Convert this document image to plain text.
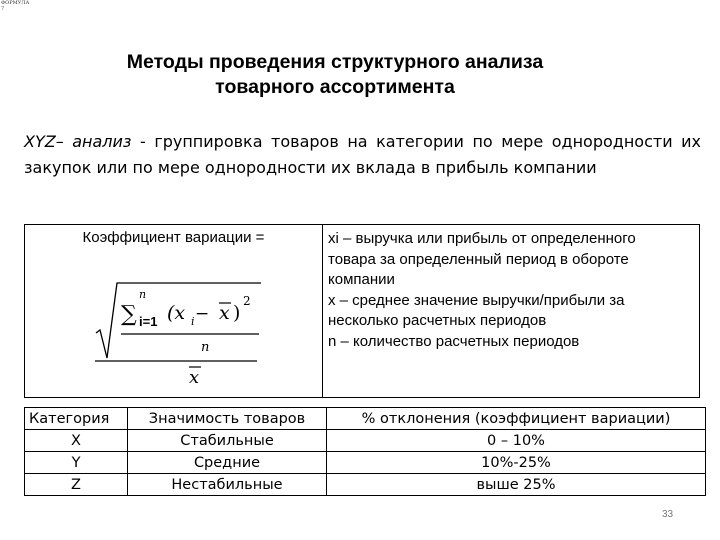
ФОРМУЛА
7
Методы проведения структурного анализа
товарного ассортимента
XYZ– анализ - группировка товаров на категории по мере однородности их закупок или по мере однородности их вклада в прибыль компании
Коэффициент вариации =
∑
n
i=1 (x i − x )
2
n
x
xi – выручка или прибыль от определенного
товара за определенный период в обороте
компании
x – среднее значение выручки/прибыли за
несколько расчетных периодов
n – количество расчетных периодов
Категория	Значимость товаров	% отклонения (коэффициент вариации)
X	Стабильные	0 – 10%
Y	Средние	10%-25%
Z	Нестабильные	выше 25%
33
